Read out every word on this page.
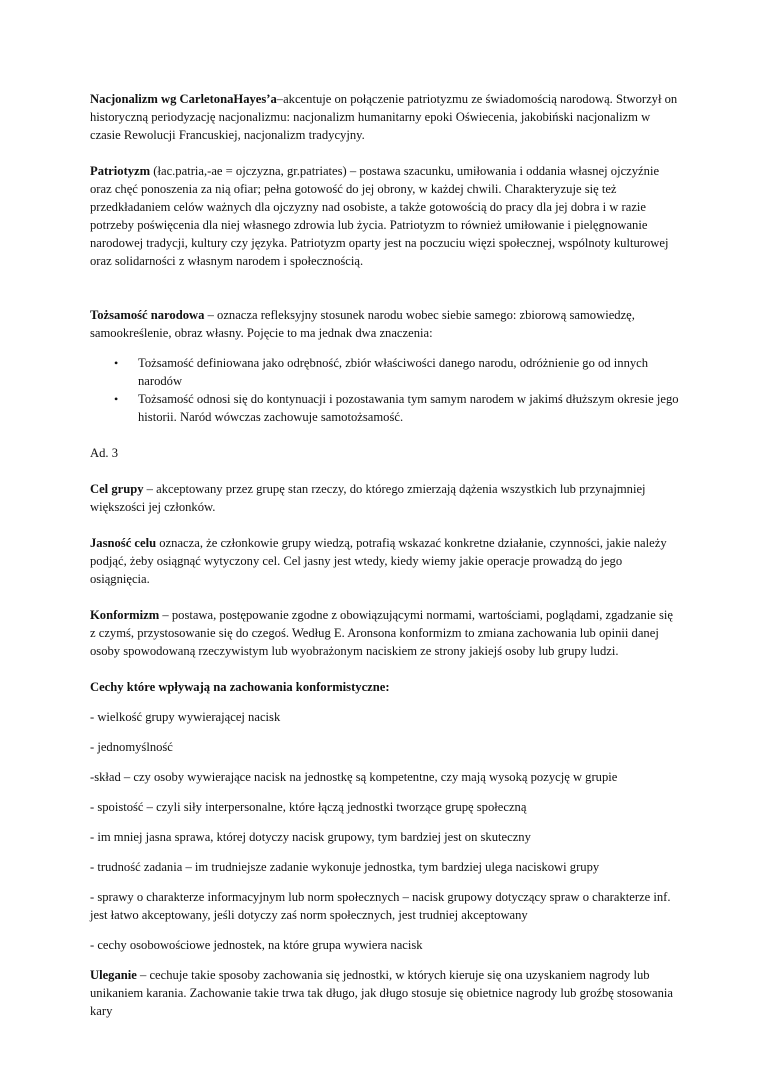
Nacjonalizm wg CarletonaHayes’a–akcentuje on połączenie patriotyzmu ze świadomością narodową. Stworzył on historyczną periodyzację nacjonalizmu: nacjonalizm humanitarny epoki Oświecenia, jakobiński nacjonalizm w czasie Rewolucji Francuskiej, nacjonalizm tradycyjny.

Patriotyzm (łac.patria,-ae = ojczyzna, gr.patriates) – postawa szacunku, umiłowania i oddania własnej ojczyźnie oraz chęć ponoszenia za nią ofiar; pełna gotowość do jej obrony, w każdej chwili. Charakteryzuje się też przedkładaniem celów ważnych dla ojczyzny nad osobiste, a także gotowością do pracy dla jej dobra i w razie potrzeby poświęcenia dla niej własnego zdrowia lub życia. Patriotyzm to również umiłowanie i pielęgnowanie narodowej tradycji, kultury czy języka. Patriotyzm oparty jest na poczuciu więzi społecznej, wspólnoty kulturowej oraz solidarności z własnym narodem i społecznością.

Tożsamość narodowa – oznacza refleksyjny stosunek narodu wobec siebie samego: zbiorową samowiedzę, samookreślenie, obraz własny. Pojęcie to ma jednak dwa znaczenia:

• Tożsamość definiowana jako odrębność, zbiór właściwości danego narodu, odróżnienie go od innych narodów
• Tożsamość odnosi się do kontynuacji i pozostawania tym samym narodem w jakimś dłuższym okresie jego historii. Naród wówczas zachowuje samotożsamość.

Ad. 3

Cel grupy – akceptowany przez grupę stan rzeczy, do którego zmierzają dążenia wszystkich lub przynajmniej większości jej członków.

Jasność celu oznacza, że członkowie grupy wiedzą, potrafią wskazać konkretne działanie, czynności, jakie należy podjąć, żeby osiągnąć wytyczony cel. Cel jasny jest wtedy, kiedy wiemy jakie operacje prowadzą do jego osiągnięcia.

Konformizm – postawa, postępowanie zgodne z obowiązującymi normami, wartościami, poglądami, zgadzanie się z czymś, przystosowanie się do czegoś. Według E. Aronsona konformizm to zmiana zachowania lub opinii danej osoby spowodowaną rzeczywistym lub wyobrażonym naciskiem ze strony jakiejś osoby lub grupy ludzi.

Cechy które wpływają na zachowania konformistyczne:

- wielkość grupy wywierającej nacisk

- jednomyślność

-skład – czy osoby wywierające nacisk na jednostkę są kompetentne, czy mają wysoką pozycję w grupie

- spoistość – czyli siły interpersonalne, które łączą jednostki tworzące grupę społeczną

- im mniej jasna sprawa, której dotyczy nacisk grupowy, tym bardziej jest on skuteczny

- trudność zadania – im trudniejsze zadanie wykonuje jednostka, tym bardziej ulega naciskowi grupy

- sprawy o charakterze informacyjnym lub norm społecznych – nacisk grupowy dotyczący spraw o charakterze inf. jest łatwo akceptowany, jeśli dotyczy zaś norm społecznych, jest trudniej akceptowany

- cechy osobowościowe jednostek, na które grupa wywiera nacisk

Uleganie – cechuje takie sposoby zachowania się jednostki, w których kieruje się ona uzyskaniem nagrody lub unikaniem karania. Zachowanie takie trwa tak długo, jak długo stosuje się obietnice nagrody lub groźbę stosowania kary
